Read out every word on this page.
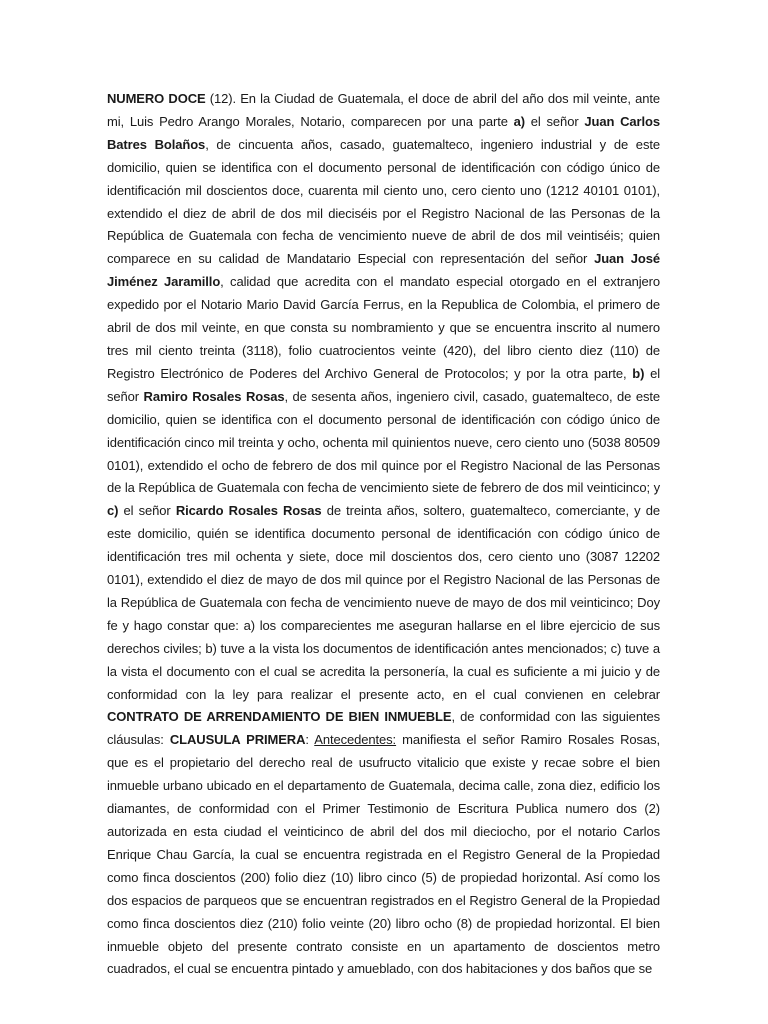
NUMERO DOCE (12). En la Ciudad de Guatemala, el doce de abril del año dos mil veinte, ante mi, Luis Pedro Arango Morales, Notario, comparecen por una parte a) el señor Juan Carlos Batres Bolaños, de cincuenta años, casado, guatemalteco, ingeniero industrial y de este domicilio, quien se identifica con el documento personal de identificación con código único de identificación mil doscientos doce, cuarenta mil ciento uno, cero ciento uno (1212 40101 0101), extendido el diez de abril de dos mil dieciséis por el Registro Nacional de las Personas de la República de Guatemala con fecha de vencimiento nueve de abril de dos mil veintiséis; quien comparece en su calidad de Mandatario Especial con representación del señor Juan José Jiménez Jaramillo, calidad que acredita con el mandato especial otorgado en el extranjero expedido por el Notario Mario David García Ferrus, en la Republica de Colombia, el primero de abril de dos mil veinte, en que consta su nombramiento y que se encuentra inscrito al numero tres mil ciento treinta (3118), folio cuatrocientos veinte (420), del libro ciento diez (110) de Registro Electrónico de Poderes del Archivo General de Protocolos; y por la otra parte, b) el señor Ramiro Rosales Rosas, de sesenta años, ingeniero civil, casado, guatemalteco, de este domicilio, quien se identifica con el documento personal de identificación con código único de identificación cinco mil treinta y ocho, ochenta mil quinientos nueve, cero ciento uno (5038 80509 0101), extendido el ocho de febrero de dos mil quince por el Registro Nacional de las Personas de la República de Guatemala con fecha de vencimiento siete de febrero de dos mil veinticinco; y c) el señor Ricardo Rosales Rosas de treinta años, soltero, guatemalteco, comerciante, y de este domicilio, quién se identifica documento personal de identificación con código único de identificación tres mil ochenta y siete, doce mil doscientos dos, cero ciento uno (3087 12202 0101), extendido el diez de mayo de dos mil quince por el Registro Nacional de las Personas de la República de Guatemala con fecha de vencimiento nueve de mayo de dos mil veinticinco; Doy fe y hago constar que: a) los comparecientes me aseguran hallarse en el libre ejercicio de sus derechos civiles; b) tuve a la vista los documentos de identificación antes mencionados; c) tuve a la vista el documento con el cual se acredita la personería, la cual es suficiente a mi juicio y de conformidad con la ley para realizar el presente acto, en el cual convienen en celebrar CONTRATO DE ARRENDAMIENTO DE BIEN INMUEBLE, de conformidad con las siguientes cláusulas: CLAUSULA PRIMERA: Antecedentes: manifiesta el señor Ramiro Rosales Rosas, que es el propietario del derecho real de usufructo vitalicio que existe y recae sobre el bien inmueble urbano ubicado en el departamento de Guatemala, decima calle, zona diez, edificio los diamantes, de conformidad con el Primer Testimonio de Escritura Publica numero dos (2) autorizada en esta ciudad el veinticinco de abril del dos mil dieciocho, por el notario Carlos Enrique Chau García, la cual se encuentra registrada en el Registro General de la Propiedad como finca doscientos (200) folio diez (10) libro cinco (5) de propiedad horizontal. Así como los dos espacios de parqueos que se encuentran registrados en el Registro General de la Propiedad como finca doscientos diez (210) folio veinte (20) libro ocho (8) de propiedad horizontal. El bien inmueble objeto del presente contrato consiste en un apartamento de doscientos metro cuadrados, el cual se encuentra pintado y amueblado, con dos habitaciones y dos baños que se
